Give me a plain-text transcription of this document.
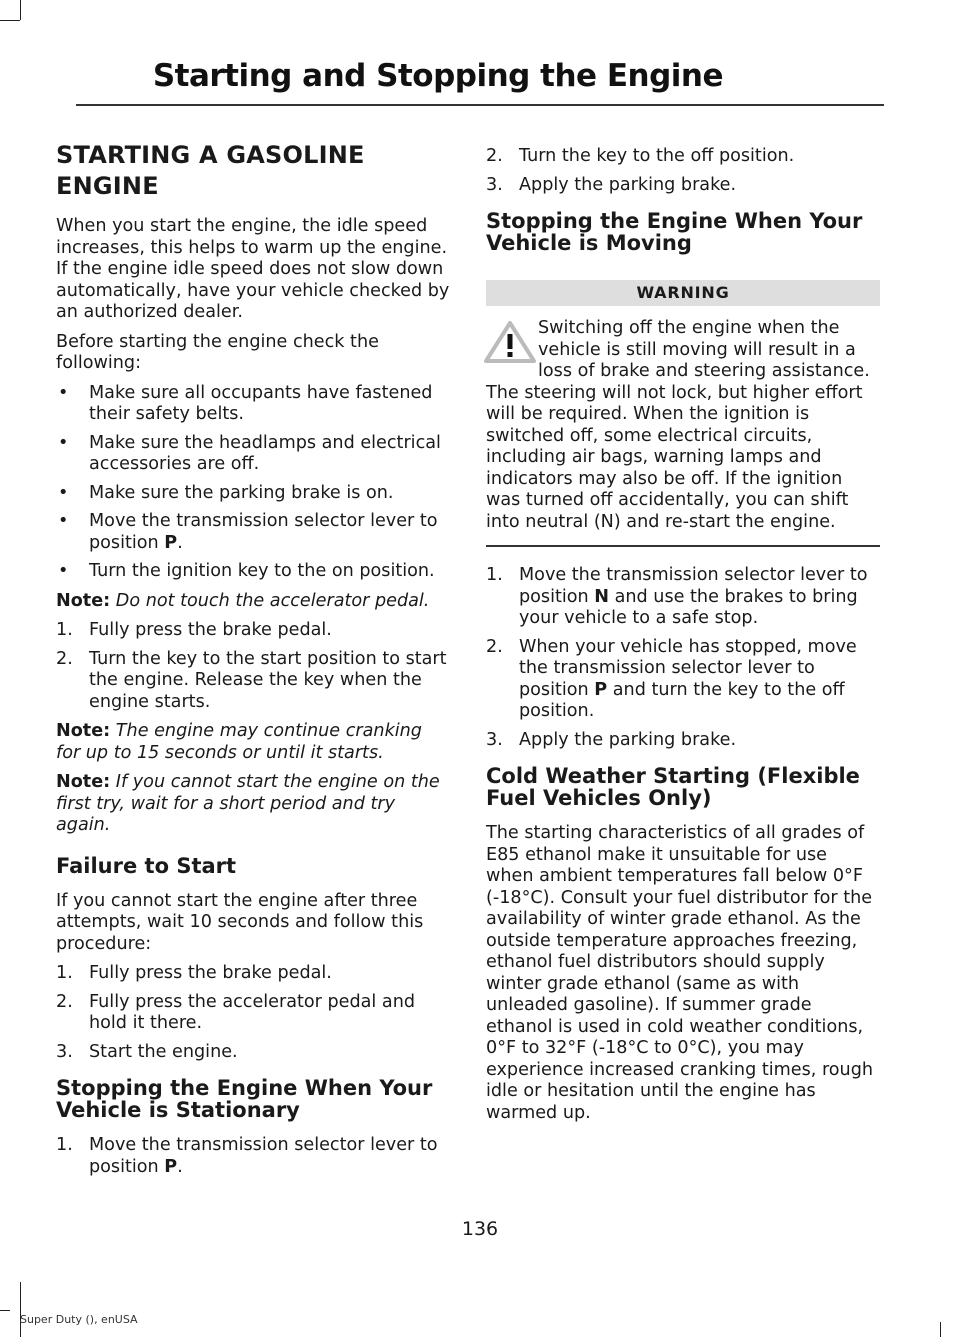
Starting and Stopping the Engine
STARTING A GASOLINE
ENGINE

When you start the engine, the idle speed increases, this helps to warm up the engine. If the engine idle speed does not slow down automatically, have your vehicle checked by an authorized dealer.

Before starting the engine check the following:

• Make sure all occupants have fastened their safety belts.
• Make sure the headlamps and electrical accessories are off.
• Make sure the parking brake is on.
• Move the transmission selector lever to position P.
• Turn the ignition key to the on position.

Note: Do not touch the accelerator pedal.

1. Fully press the brake pedal.
2. Turn the key to the start position to start the engine. Release the key when the engine starts.

Note: The engine may continue cranking for up to 15 seconds or until it starts.

Note: If you cannot start the engine on the first try, wait for a short period and try again.

Failure to Start

If you cannot start the engine after three attempts, wait 10 seconds and follow this procedure:

1. Fully press the brake pedal.
2. Fully press the accelerator pedal and hold it there.
3. Start the engine.
Stopping the Engine When Your
Vehicle is Stationary
1. Move the transmission selector lever to position P.
2. Turn the key to the off position.
3. Apply the parking brake.
Stopping the Engine When Your
Vehicle is Moving
WARNING

Switching off the engine when the vehicle is still moving will result in a loss of brake and steering assistance. The steering will not lock, but higher effort will be required. When the ignition is switched off, some electrical circuits, including air bags, warning lamps and indicators may also be off. If the ignition was turned off accidentally, you can shift into neutral (N) and re-start the engine.

1. Move the transmission selector lever to position N and use the brakes to bring your vehicle to a safe stop.
2. When your vehicle has stopped, move the transmission selector lever to position P and turn the key to the off position.
3. Apply the parking brake.
Cold Weather Starting (Flexible
Fuel Vehicles Only)

The starting characteristics of all grades of E85 ethanol make it unsuitable for use when ambient temperatures fall below 0°F (-18°C). Consult your fuel distributor for the availability of winter grade ethanol. As the outside temperature approaches freezing, ethanol fuel distributors should supply winter grade ethanol (same as with unleaded gasoline). If summer grade ethanol is used in cold weather conditions, 0°F to 32°F (-18°C to 0°C), you may experience increased cranking times, rough idle or hesitation until the engine has warmed up.

136

Super Duty (), enUSA
